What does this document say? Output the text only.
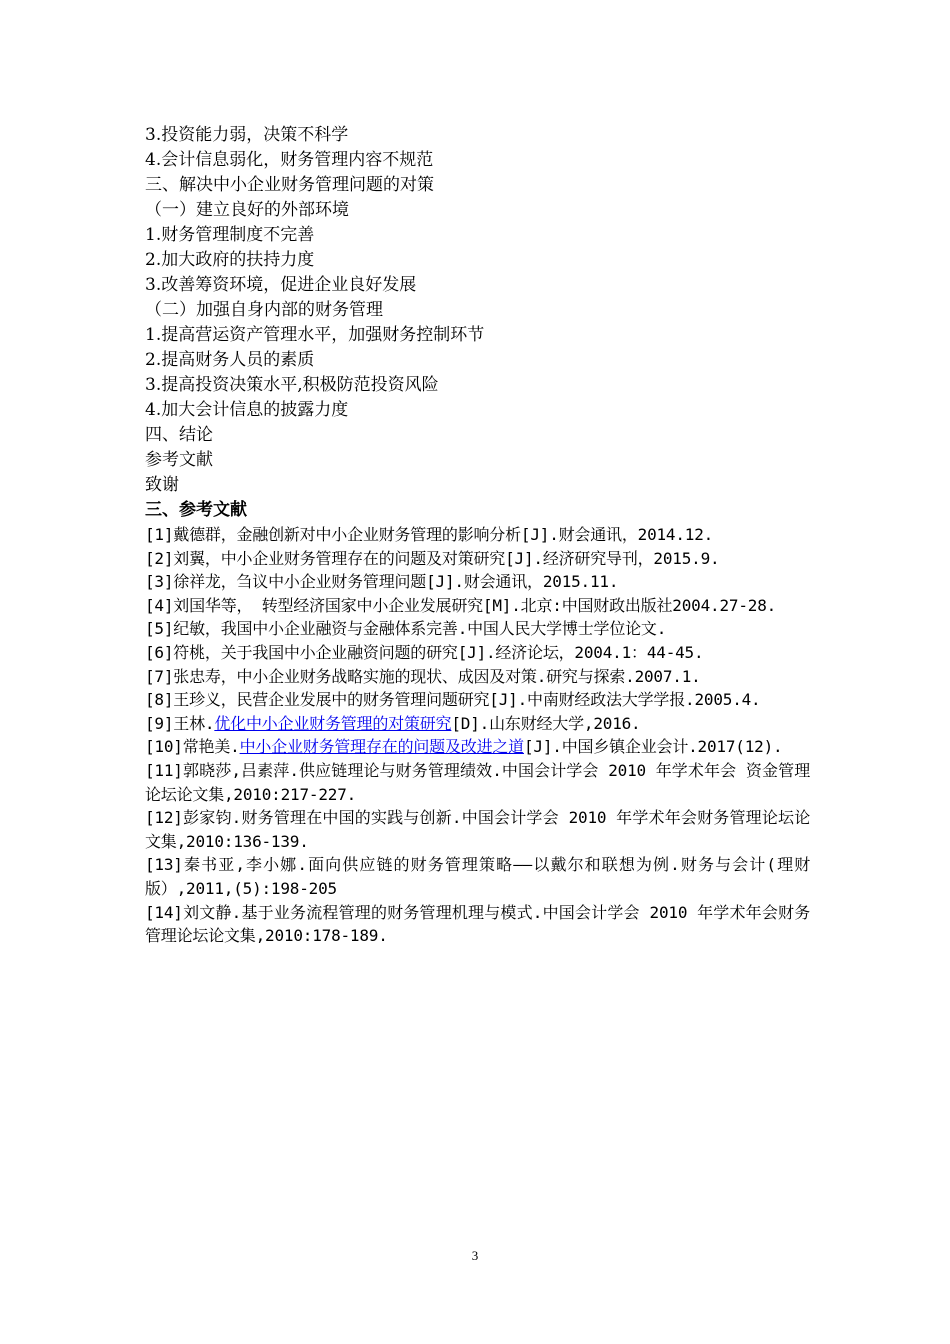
3.投资能力弱，决策不科学
4.会计信息弱化，财务管理内容不规范
三、解决中小企业财务管理问题的对策
（一）建立良好的外部环境
1.财务管理制度不完善
2.加大政府的扶持力度
3.改善筹资环境，促进企业良好发展
（二）加强自身内部的财务管理
1.提高营运资产管理水平，加强财务控制环节
2.提高财务人员的素质
3.提高投资决策水平,积极防范投资风险
4.加大会计信息的披露力度
四、结论
参考文献
致谢
三、参考文献
[1]戴德群，金融创新对中小企业财务管理的影响分析[J].财会通讯，2014.12.
[2]刘翼，中小企业财务管理存在的问题及对策研究[J].经济研究导刊，2015.9.
[3]徐祥龙，刍议中小企业财务管理问题[J].财会通讯，2015.11.
[4]刘国华等， 转型经济国家中小企业发展研究[M].北京:中国财政出版社2004.27-28.
[5]纪敏，我国中小企业融资与金融体系完善.中国人民大学博士学位论文.
[6]符桃，关于我国中小企业融资问题的研究[J].经济论坛，2004.1：44-45.
[7]张忠寿，中小企业财务战略实施的现状、成因及对策.研究与探索.2007.1.
[8]王珍义，民营企业发展中的财务管理问题研究[J].中南财经政法大学学报.2005.4.
[9]王林.优化中小企业财务管理的对策研究[D].山东财经大学,2016.
[10]常艳美.中小企业财务管理存在的问题及改进之道[J].中国乡镇企业会计.2017(12).
[11]郭晓莎,吕素萍.供应链理论与财务管理绩效.中国会计学会 2010 年学术年会 资金管理论坛论文集,2010:217-227.
[12]彭家钧.财务管理在中国的实践与创新.中国会计学会 2010 年学术年会财务管理论坛论文集,2010:136-139.
[13]秦书亚,李小娜.面向供应链的财务管理策略——以戴尔和联想为例.财务与会计(理财版）,2011,(5):198-205
[14]刘文静.基于业务流程管理的财务管理机理与模式.中国会计学会 2010 年学术年会财务管理论坛论文集,2010:178-189.
3
